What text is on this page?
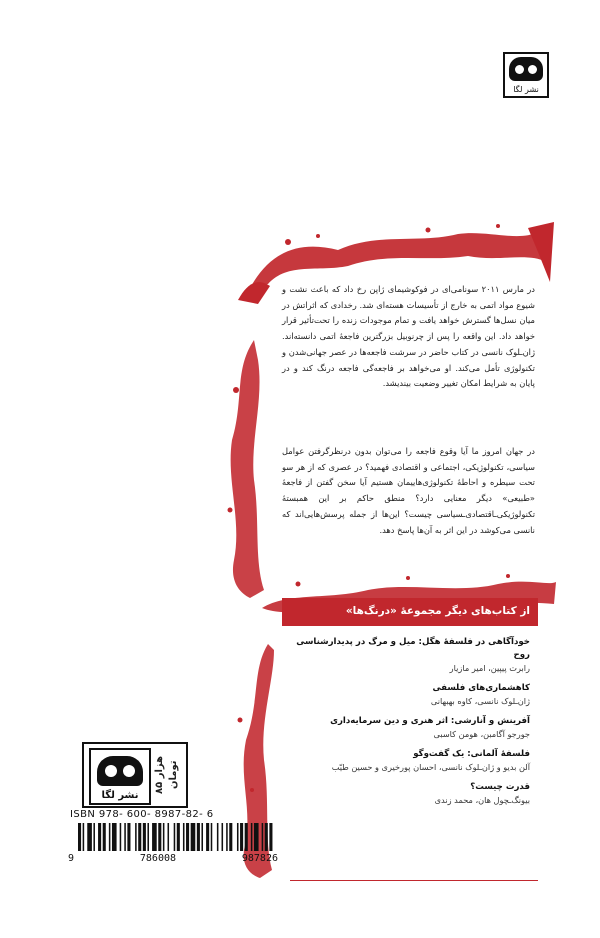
نشر لگا

در مارس ۲۰۱۱ سونامی‌ای در فوکوشیمای ژاپن رخ داد که باعث نشت و شیوع مواد اتمی به خارج از تأسیسات هسته‌ای شد. رخدادی که اثراتش در میان نسل‌ها گسترش خواهد یافت و تمام موجودات زنده را تحت‌تأثیر قرار خواهد داد. این واقعه را پس از چرنوبیل بزرگترین فاجعهٔ اتمی دانسته‌اند. ژان‌ـلوک نانسی در کتاب حاضر در سرشت فاجعه‌ها در عصر جهانی‌شدن و تکنولوژی تأمل می‌کند. او می‌خواهد بر فاجعه‌گی فاجعه درنگ کند و در پایان به شرایط امکان تغییر وضعیت بیندیشد.

در جهان امروز ما آیا وقوع فاجعه را می‌توان بدون درنظرگرفتن عوامل سیاسی، تکنولوژیکی، اجتماعی و اقتصادی فهمید؟ در عصری که از هر سو تحت سیطره و احاطهٔ تکنولوژی‌هاییمان هستیم آیا سخن گفتن از فاجعهٔ «طبیعی» دیگر معنایی دارد؟ منطق حاکم بر این همبستهٔ تکنولوژیکی‌ـاقتصادی‌ـسیاسی چیست؟ این‌ها از جمله پرسش‌هایی‌اند که نانسی می‌کوشد در این اثر به آن‌ها پاسخ دهد.

از کتاب‌های دیگر مجموعهٔ «درنگ‌ها»
خودآگاهی در فلسفهٔ هگل: میل و مرگ در پدیدارشناسی روح
رابرت پیپین، امیر مازیار
کاهشماری‌های فلسفی
ژان‌ـلوک نانسی، کاوه بهبهانی
آفرینش و آنارشی: اثر هنری و دین سرمایه‌داری
جورجو آگامبن، هومن کاسبی
فلسفهٔ آلمانی: یک گفت‌وگو
آلن بدیو و ژان‌ـلوک نانسی، احسان پورخیری و حسین طیّب
قدرت چیست؟
بیونگ‌ـچول هان، محمد زندی
نشر لگا
۸۵ هزار تومان
ISBN 978- 600- 8987-82- 6
9	786008	987826
